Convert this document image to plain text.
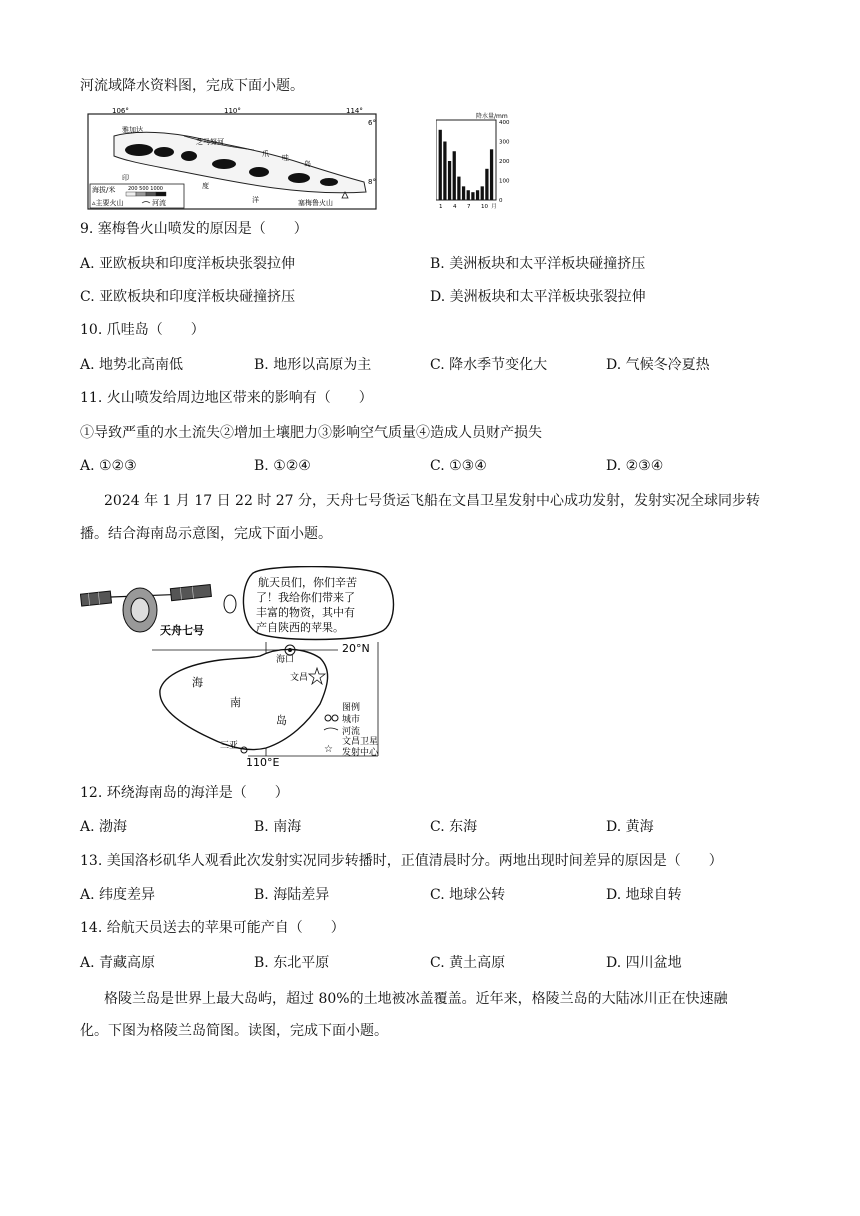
河流域降水资料图，完成下面小题。
106°	110°	114°
6°
8°
雅加达
芝马努河
爪 哇
岛
印
度
洋	塞梅鲁火山
海拔/米	200 500 1000
▵主要火山	河流
降水量/mm
400
300
200
100
0
1 4 7 10 月
9. 塞梅鲁火山喷发的原因是（　　）
A. 亚欧板块和印度洋板块张裂拉伸	B. 美洲板块和太平洋板块碰撞挤压
C. 亚欧板块和印度洋板块碰撞挤压	D. 美洲板块和太平洋板块张裂拉伸
10. 爪哇岛（　　）
A. 地势北高南低	B. 地形以高原为主	C. 降水季节变化大	D. 气候冬冷夏热
11. 火山喷发给周边地区带来的影响有（　　）
①导致严重的水土流失②增加土壤肥力③影响空气质量④造成人员财产损失
A. ①②③	B. ①②④	C. ①③④	D. ②③④
2024 年 1 月 17 日 22 时 27 分，天舟七号货运飞船在文昌卫星发射中心成功发射，发射实况全球同步转
播。结合海南岛示意图，完成下面小题。
天舟七号
航天员们，你们辛苦
了！我给你们带来了
丰富的物资，其中有
产自陕西的苹果。
海口
文昌
三亚
海
南
岛
20°N
110°E
图例
城市
河流
☆
文昌卫星
发射中心
12. 环绕海南岛的海洋是（　　）
A. 渤海	B. 南海	C. 东海	D. 黄海
13. 美国洛杉矶华人观看此次发射实况同步转播时，正值清晨时分。两地出现时间差异的原因是（　　）
A. 纬度差异	B. 海陆差异	C. 地球公转	D. 地球自转
14. 给航天员送去的苹果可能产自（　　）
A. 青藏高原	B. 东北平原	C. 黄土高原	D. 四川盆地
格陵兰岛是世界上最大岛屿，超过 80%的土地被冰盖覆盖。近年来，格陵兰岛的大陆冰川正在快速融
化。下图为格陵兰岛简图。读图，完成下面小题。
